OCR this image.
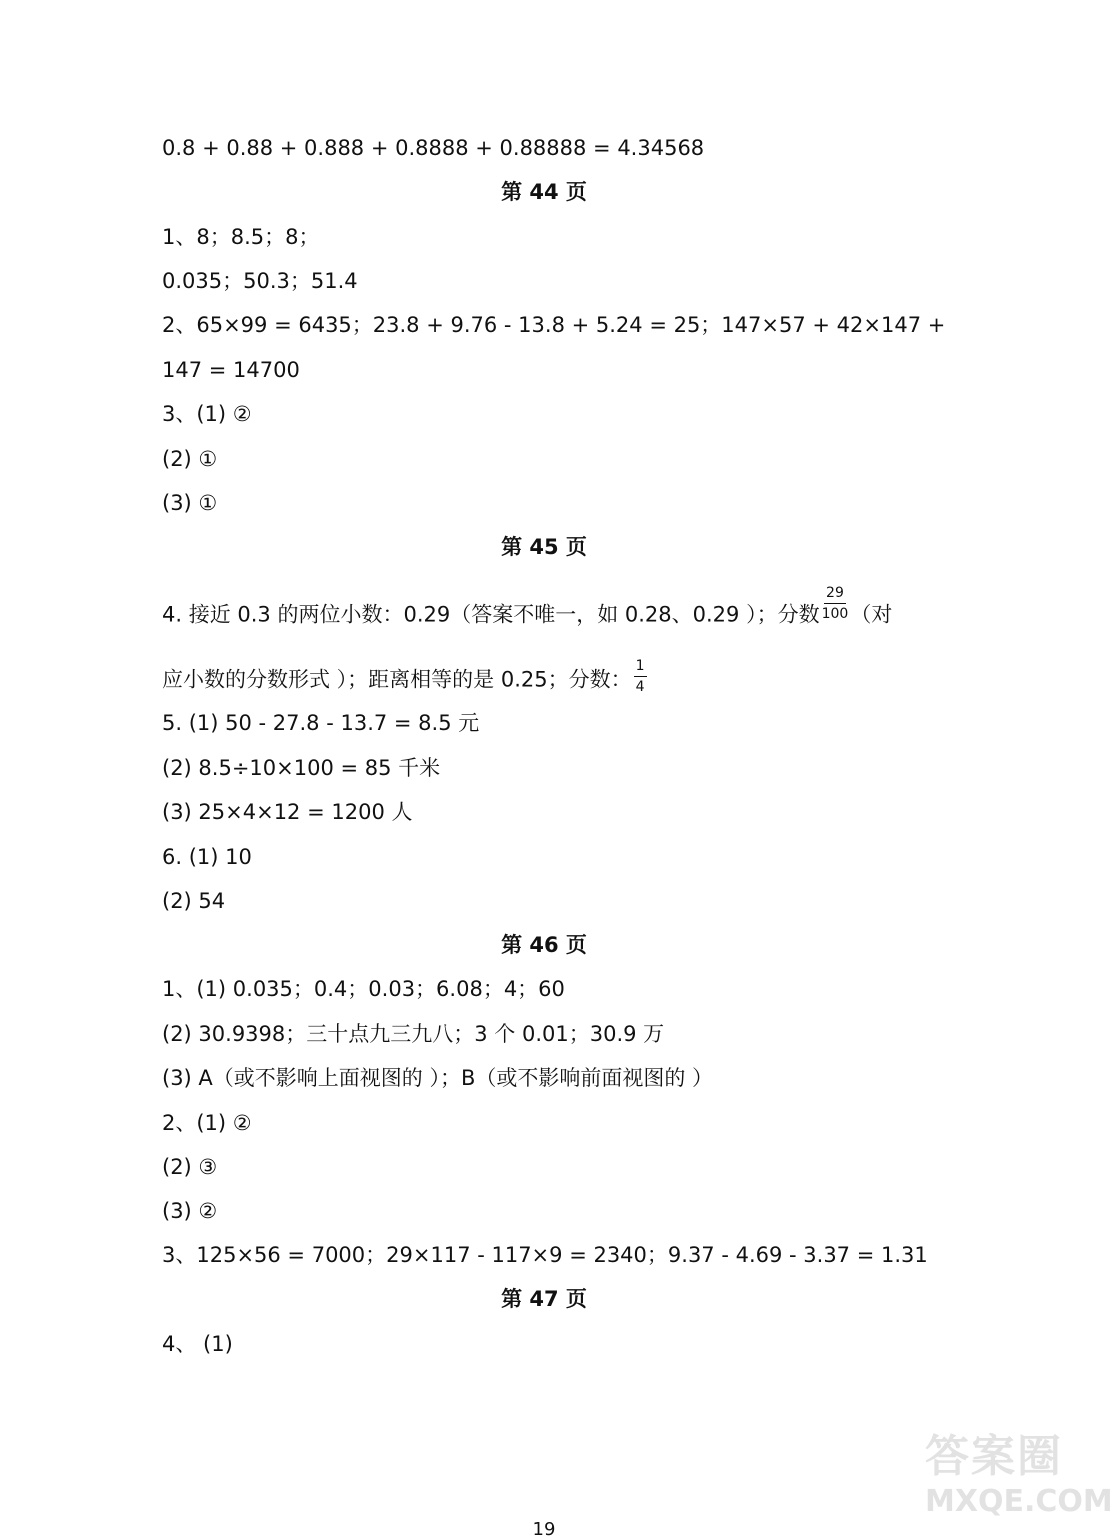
0.8 + 0.88 + 0.888 + 0.8888 + 0.88888 = 4.34568
第 44 页
1、8；8.5；8；
0.035；50.3；51.4
2、65×99 = 6435；23.8 + 9.76 - 13.8 + 5.24 = 25；147×57 + 42×147 +
147 = 14700
3、(1) ②
(2) ①
(3) ①
第 45 页
4. 接近 0.3 的两位小数：0.29（答案不唯一，如 0.28、0.29 ）；分数 $\frac{29}{100}$ （对
应小数的分数形式 ）；距离相等的是 0.25；分数： $\frac{1}{4}$
5. (1) 50 - 27.8 - 13.7 = 8.5 元
(2) 8.5÷10×100 = 85 千米
(3) 25×4×12 = 1200 人
6. (1) 10
(2) 54
第 46 页
1、(1) 0.035；0.4；0.03；6.08；4；60
(2) 30.9398；三十点九三九八；3 个 0.01；30.9 万
(3) A（或不影响上面视图的 ）；B（或不影响前面视图的 ）
2、(1) ②
(2) ③
(3) ②
3、125×56 = 7000；29×117 - 117×9 = 2340；9.37 - 4.69 - 3.37 = 1.31
第 47 页
4、 (1)
答案圈
MXQE.COM
19
